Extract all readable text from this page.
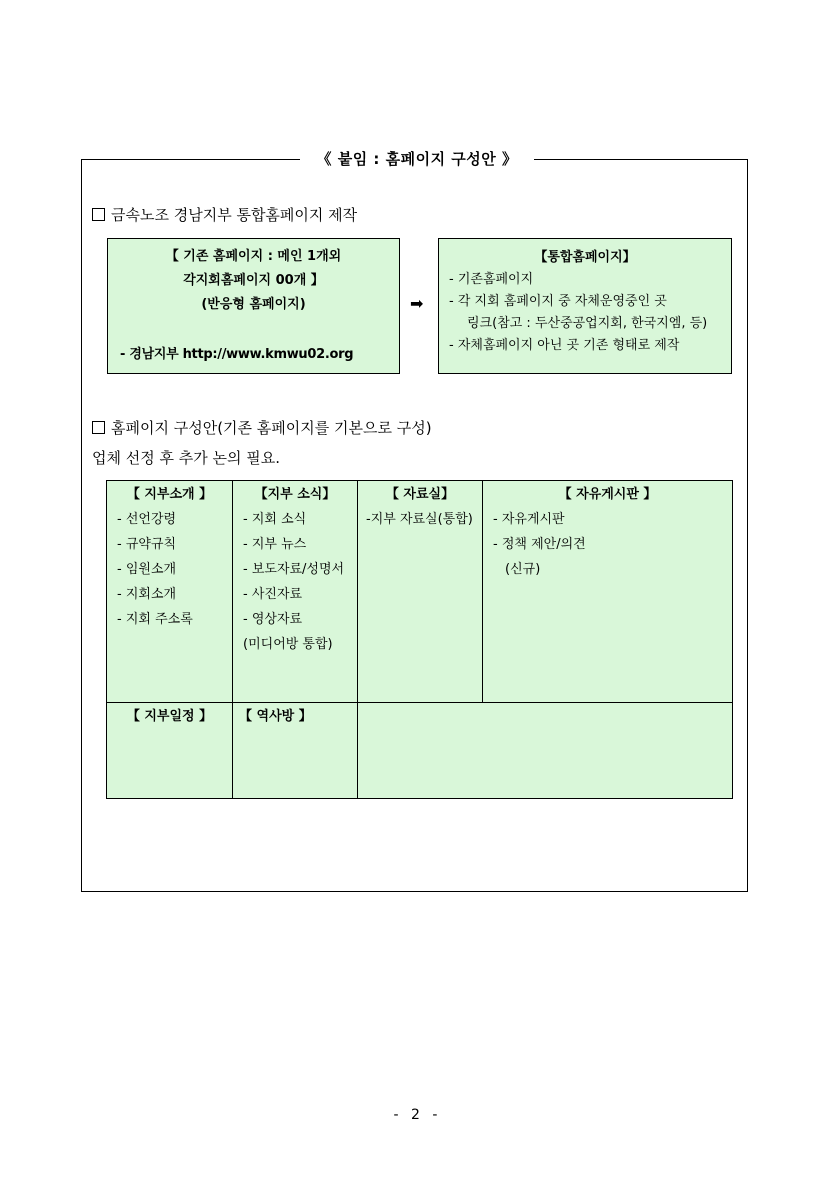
《 붙임 : 홈페이지 구성안 》
금속노조 경남지부 통합홈페이지 제작
【 기존 홈페이지 : 메인 1개외
각지회홈페이지 00개 】
(반응형 홈페이지)
- 경남지부 http://www.kmwu02.org
➡
【통합홈페이지】
- 기존홈페이지
- 각 지회 홈페이지 중 자체운영중인 곳
링크(참고 : 두산중공업지회, 한국지엠, 등)
- 자체홈페이지 아닌 곳 기존 형태로 제작
홈페이지 구성안(기존 홈페이지를 기본으로 구성)
업체 선정 후 추가 논의 필요.
【 지부소개 】
- 선언강령
- 규약규칙
- 임원소개
- 지회소개
- 지회 주소록
【지부 소식】
- 지회 소식
- 지부 뉴스
- 보도자료/성명서
- 사진자료
- 영상자료
(미디어방 통합)
【 자료실】
-지부 자료실(통합)
【 자유게시판 】
- 자유게시판
- 정책 제안/의견
(신규)
【 지부일정 】	【 역사방 】
- 2 -
